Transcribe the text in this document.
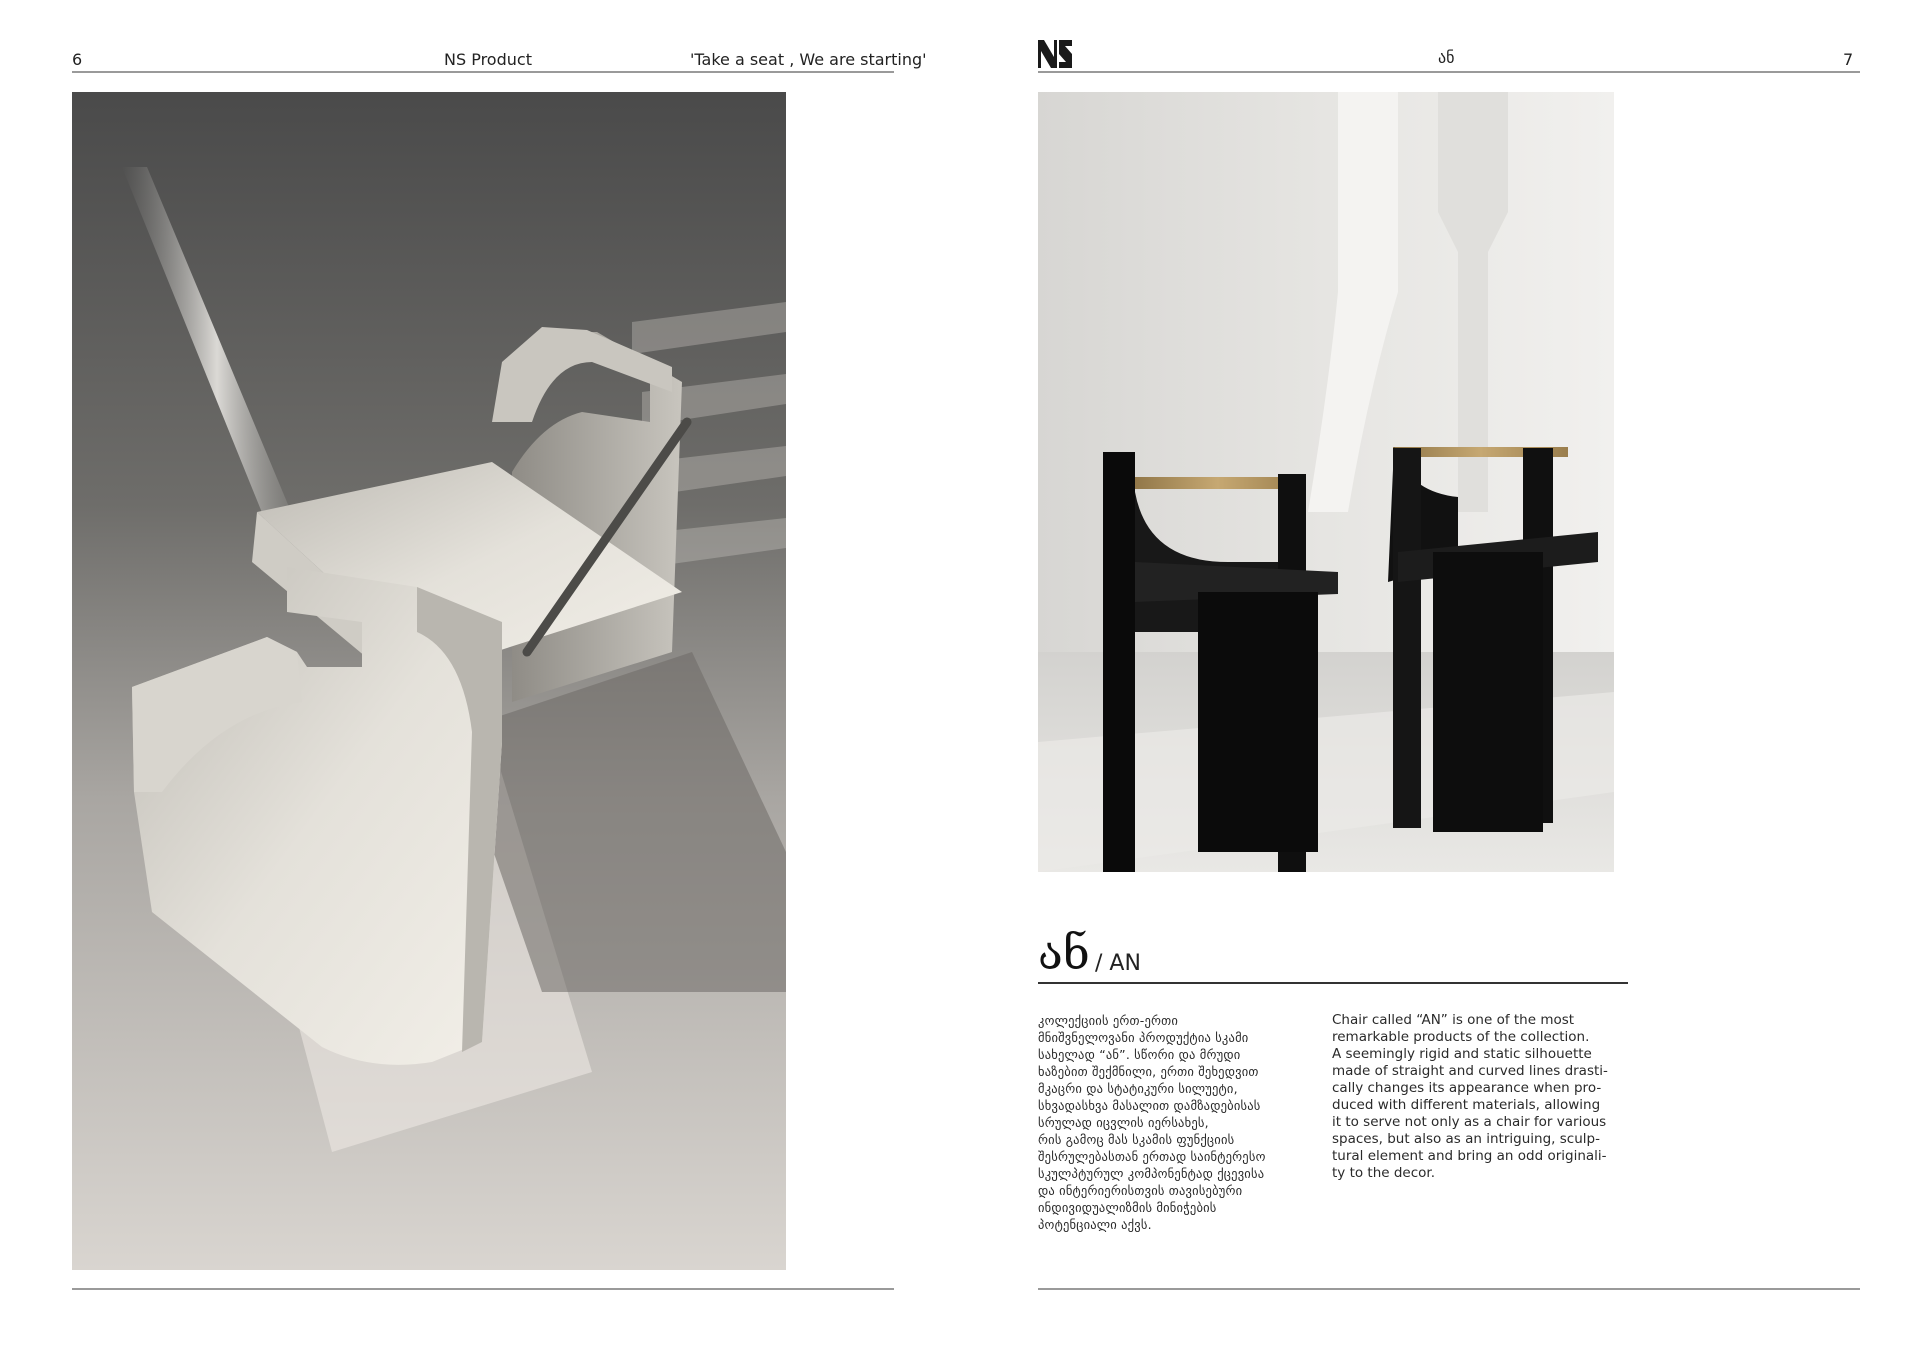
6	NS Product	'Take a seat , We are starting'	ან	7
ან / AN
კოლექციის ერთ-ერთი
მნიშვნელოვანი პროდუქტია სკამი
სახელად “ან”. სწორი და მრუდი
ხაზებით შექმნილი, ერთი შეხედვით
მკაცრი და სტატიკური სილუეტი,
სხვადასხვა მასალით დამზადებისას
სრულად იცვლის იერსახეს,
რის გამოც მას სკამის ფუნქციის
შესრულებასთან ერთად საინტერესო
სკულპტურულ კომპონენტად ქცევისა
და ინტერიერისთვის თავისებური
ინდივიდუალიზმის მინიჭების
პოტენციალი აქვს.
Chair called “AN” is one of the most
remarkable products of the collection.
A seemingly rigid and static silhouette
made of straight and curved lines drasti-
cally changes its appearance when pro-
duced with different materials, allowing
it to serve not only as a chair for various
spaces, but also as an intriguing, sculp-
tural element and bring an odd originali-
ty to the decor.
